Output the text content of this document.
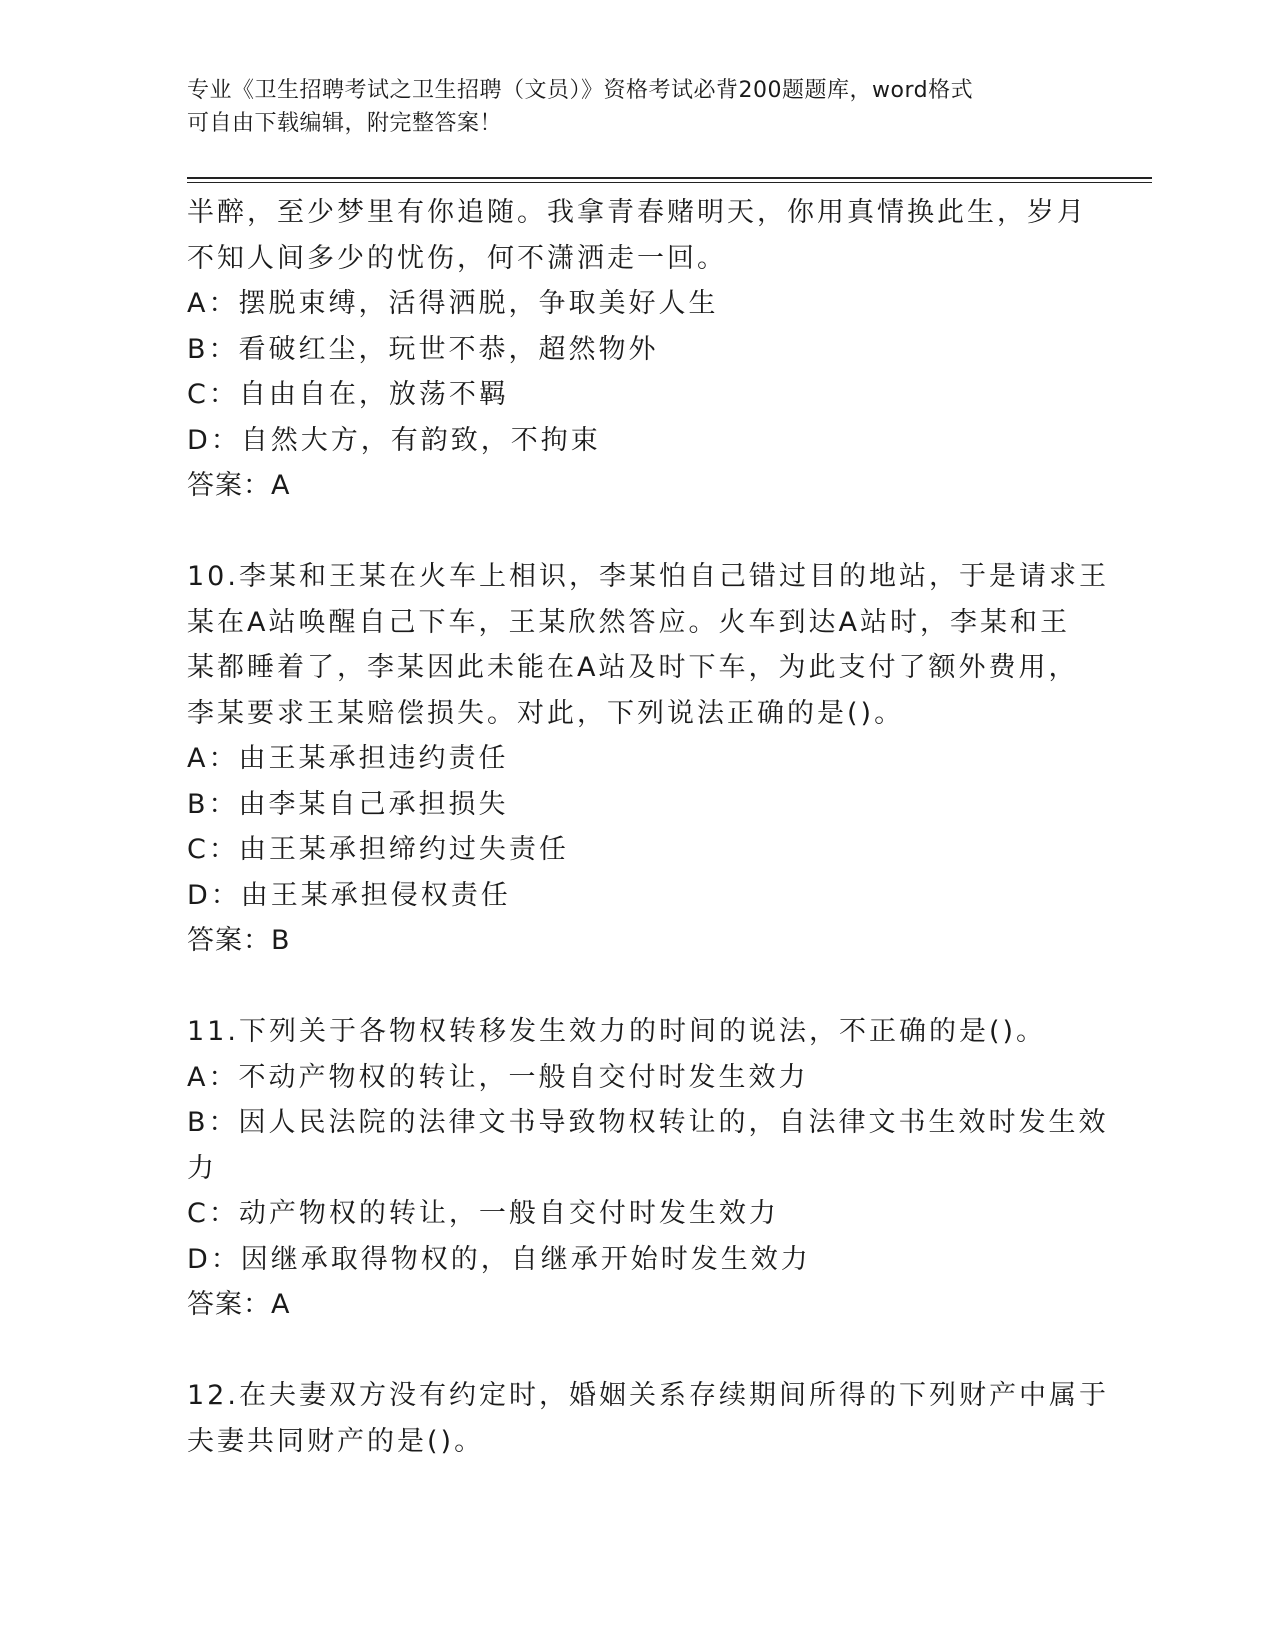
专业《卫生招聘考试之卫生招聘（文员）》资格考试必背200题题库，word格式
可自由下载编辑，附完整答案！
半醉，至少梦里有你追随。我拿青春赌明天，你用真情换此生，岁月
不知人间多少的忧伤，何不潇洒走一回。
A：摆脱束缚，活得洒脱，争取美好人生
B：看破红尘，玩世不恭，超然物外
C：自由自在，放荡不羁
D：自然大方，有韵致，不拘束
答案：A
10.李某和王某在火车上相识，李某怕自己错过目的地站，于是请求王
某在A站唤醒自己下车，王某欣然答应。火车到达A站时，李某和王
某都睡着了，李某因此未能在A站及时下车，为此支付了额外费用，
李某要求王某赔偿损失。对此，下列说法正确的是()。
A：由王某承担违约责任
B：由李某自己承担损失
C：由王某承担缔约过失责任
D：由王某承担侵权责任
答案：B
11.下列关于各物权转移发生效力的时间的说法，不正确的是()。
A：不动产物权的转让，一般自交付时发生效力
B：因人民法院的法律文书导致物权转让的，自法律文书生效时发生效
力
C：动产物权的转让，一般自交付时发生效力
D：因继承取得物权的，自继承开始时发生效力
答案：A
12.在夫妻双方没有约定时，婚姻关系存续期间所得的下列财产中属于
夫妻共同财产的是()。
